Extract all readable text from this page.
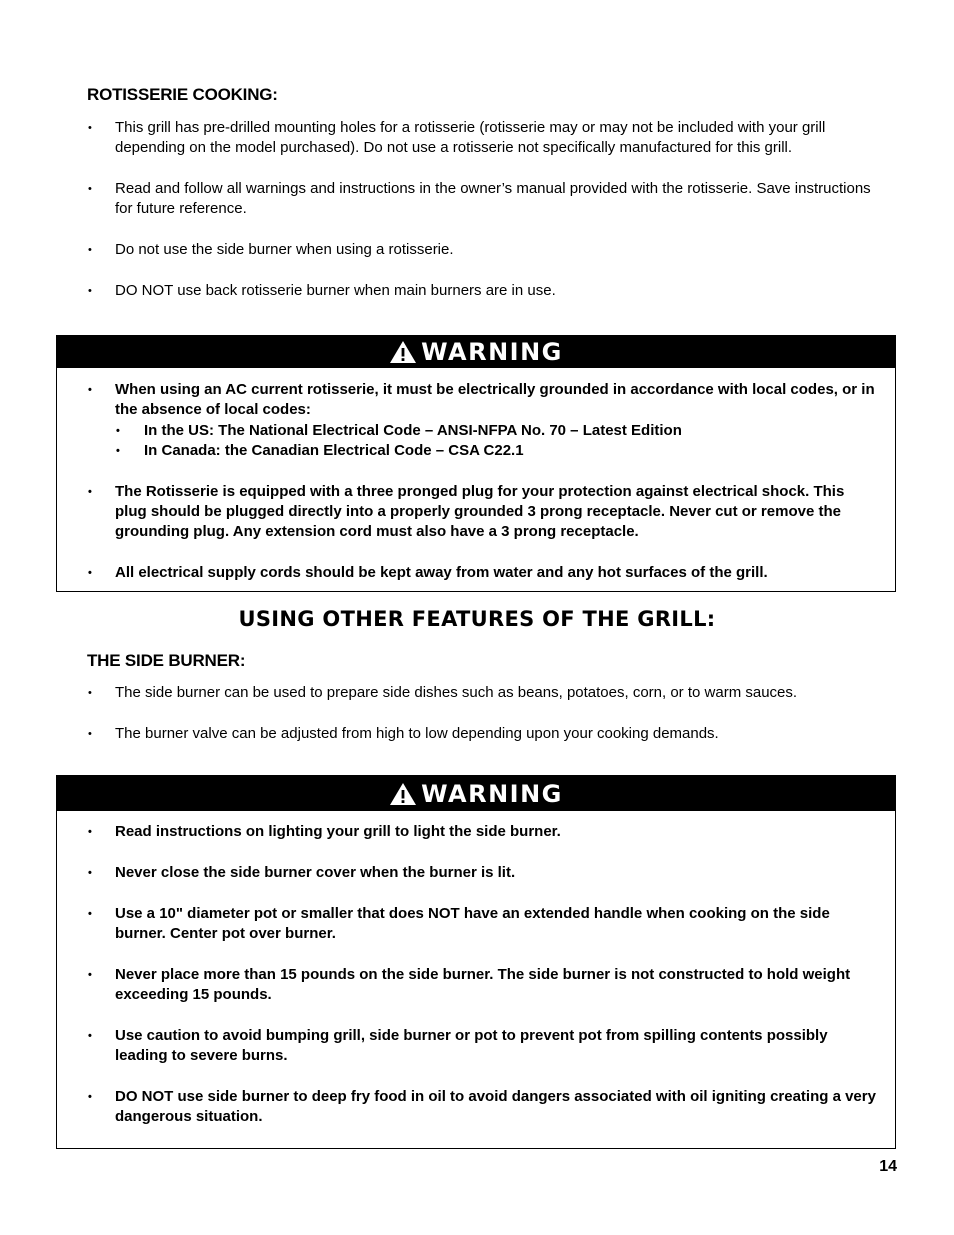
ROTISSERIE COOKING:
• This grill has pre-drilled mounting holes for a rotisserie (rotisserie may or may not be included with your grill depending on the model purchased). Do not use a rotisserie not specifically manufactured for this grill.
• Read and follow all warnings and instructions in the owner’s manual provided with the rotisserie. Save instructions for future reference.
• Do not use the side burner when using a rotisserie.
• DO NOT use back rotisserie burner when main burners are in use.
WARNING
• When using an AC current rotisserie, it must be electrically grounded in accordance with local codes, or in the absence of local codes:
• In the US: The National Electrical Code – ANSI-NFPA No. 70 – Latest Edition
• In Canada: the Canadian Electrical Code – CSA C22.1
• The Rotisserie is equipped with a three pronged plug for your protection against electrical shock. This plug should be plugged directly into a properly grounded 3 prong receptacle. Never cut or remove the grounding plug. Any extension cord must also have a 3 prong receptacle.
• All electrical supply cords should be kept away from water and any hot surfaces of the grill.
USING OTHER FEATURES OF THE GRILL:
THE SIDE BURNER:
• The side burner can be used to prepare side dishes such as beans, potatoes, corn, or to warm sauces.
• The burner valve can be adjusted from high to low depending upon your cooking demands.
WARNING
• Read instructions on lighting your grill to light the side burner.
• Never close the side burner cover when the burner is lit.
• Use a 10" diameter pot or smaller that does NOT have an extended handle when cooking on the side burner. Center pot over burner.
• Never place more than 15 pounds on the side burner. The side burner is not constructed to hold weight exceeding 15 pounds.
• Use caution to avoid bumping grill, side burner or pot to prevent pot from spilling contents possibly leading to severe burns.
• DO NOT use side burner to deep fry food in oil to avoid dangers associated with oil igniting creating a very dangerous situation.
14
